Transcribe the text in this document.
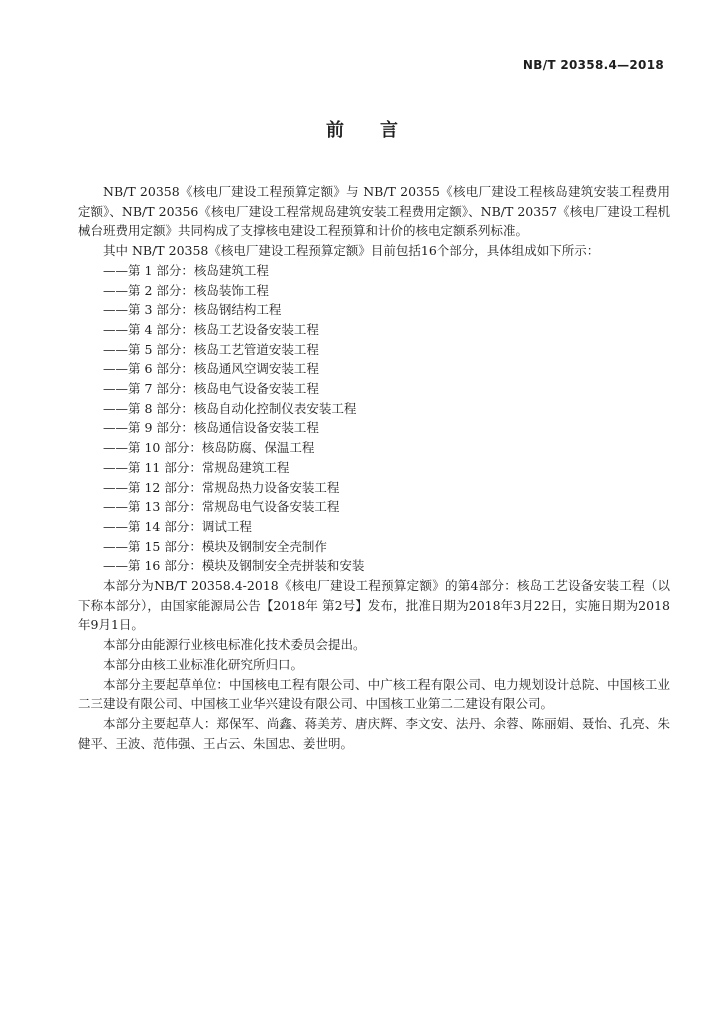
NB/T 20358.4—2018
前　　言

NB/T 20358《核电厂建设工程预算定额》与 NB/T 20355《核电厂建设工程核岛建筑安装工程费用定额》、NB/T 20356《核电厂建设工程常规岛建筑安装工程费用定额》、NB/T 20357《核电厂建设工程机械台班费用定额》共同构成了支撑核电建设工程预算和计价的核电定额系列标准。

其中 NB/T 20358《核电厂建设工程预算定额》目前包括16个部分，具体组成如下所示：

——第 1 部分：核岛建筑工程
——第 2 部分：核岛装饰工程
——第 3 部分：核岛钢结构工程
——第 4 部分：核岛工艺设备安装工程
——第 5 部分：核岛工艺管道安装工程
——第 6 部分：核岛通风空调安装工程
——第 7 部分：核岛电气设备安装工程
——第 8 部分：核岛自动化控制仪表安装工程
——第 9 部分：核岛通信设备安装工程
——第 10 部分：核岛防腐、保温工程
——第 11 部分：常规岛建筑工程
——第 12 部分：常规岛热力设备安装工程
——第 13 部分：常规岛电气设备安装工程
——第 14 部分：调试工程
——第 15 部分：模块及钢制安全壳制作
——第 16 部分：模块及钢制安全壳拼装和安装

本部分为NB/T 20358.4-2018《核电厂建设工程预算定额》的第4部分：核岛工艺设备安装工程（以下称本部分），由国家能源局公告【2018年 第2号】发布，批准日期为2018年3月22日，实施日期为2018年9月1日。

本部分由能源行业核电标准化技术委员会提出。

本部分由核工业标准化研究所归口。

本部分主要起草单位：中国核电工程有限公司、中广核工程有限公司、电力规划设计总院、中国核工业二三建设有限公司、中国核工业华兴建设有限公司、中国核工业第二二建设有限公司。

本部分主要起草人：郑保军、尚鑫、蒋美芳、唐庆辉、李文安、法丹、余蓉、陈丽娟、聂怡、孔亮、朱健平、王波、范伟强、王占云、朱国忠、姜世明。
